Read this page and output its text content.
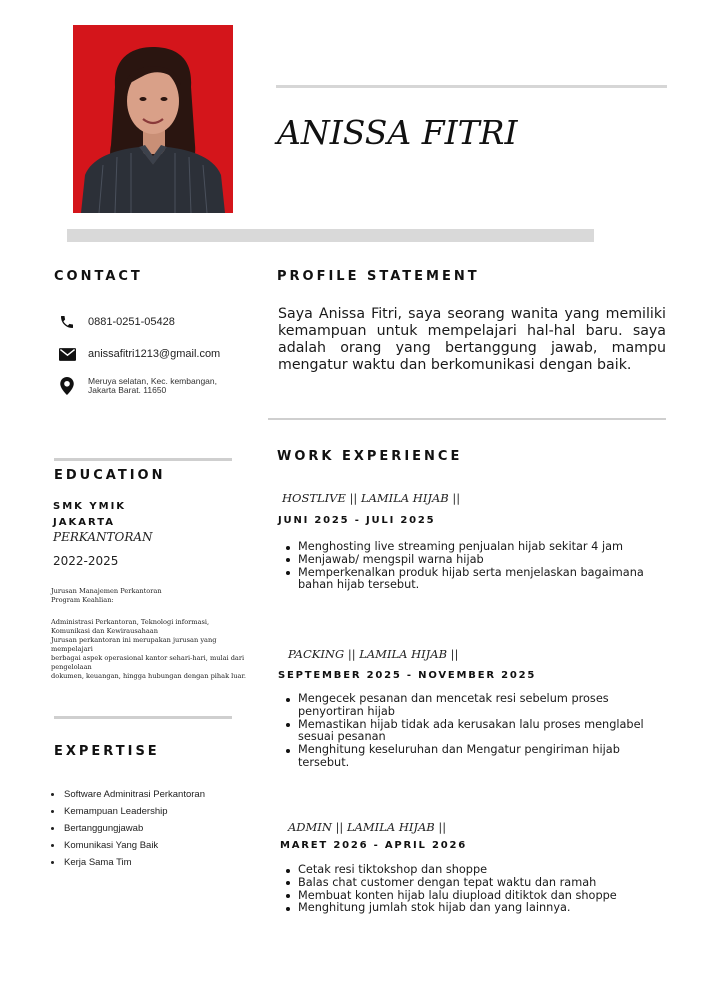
ANISSA FITRI
CONTACT
0881-0251-05428
anissafitri1213@gmail.com
Meruya selatan, Kec. kembangan,
Jakarta Barat. 11650
PROFILE STATEMENT
Saya Anissa Fitri, saya seorang wanita yang memiliki kemampuan untuk mempelajari hal-hal baru. saya adalah orang yang bertanggung jawab, mampu mengatur waktu dan berkomunikasi dengan baik.
EDUCATION
SMK YMIK
JAKARTA
PERKANTORAN
2022-2025
Jurusan Manajemen Perkantoran
Program Keahlian:
Administrasi Perkantoran, Teknologi informasi,
Komunikasi dan Kewirausahaan
Jurusan perkantoran ini merupakan jurusan yang
mempelajari
berbagai aspek operasional kantor sehari-hari, mulai dari
pengelolaan
dokumen, keuangan, hingga hubungan dengan pihak luar.
EXPERTISE
Software Adminitrasi Perkantoran
Kemampuan Leadership
Bertanggungjawab
Komunikasi Yang Baik
Kerja Sama Tim
WORK EXPERIENCE
HOSTLIVE || LAMILA HIJAB ||
JUNI 2025 - JULI 2025
Menghosting live streaming penjualan hijab sekitar 4 jam
Menjawab/ mengspil warna hijab
Memperkenalkan produk hijab serta menjelaskan bagaimana bahan hijab tersebut.
PACKING || LAMILA HIJAB ||
SEPTEMBER 2025 - NOVEMBER 2025
Mengecek pesanan dan mencetak resi sebelum proses penyortiran hijab
Memastikan hijab tidak ada kerusakan lalu proses menglabel sesuai pesanan
Menghitung keseluruhan dan Mengatur pengiriman hijab tersebut.
ADMIN || LAMILA HIJAB ||
MARET 2026 - APRIL 2026
Cetak resi tiktokshop dan shoppe
Balas chat customer dengan tepat waktu dan ramah
Membuat konten hijab lalu diupload ditiktok dan shoppe
Menghitung jumlah stok hijab dan yang lainnya.
